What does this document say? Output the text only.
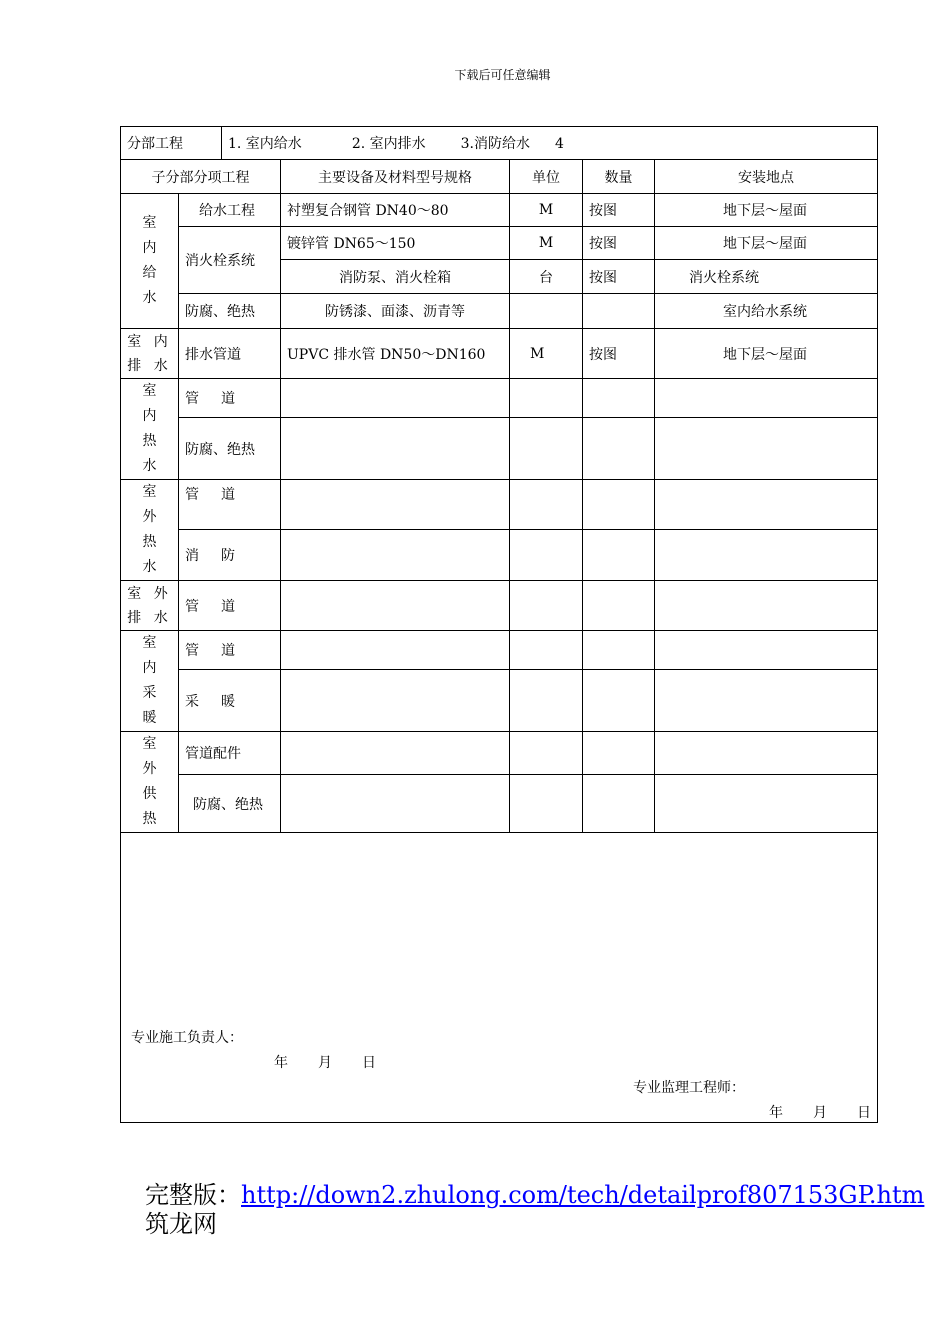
下载后可任意编辑
分部工程		1. 室内给水 2. 室内排水 3.消防给水 4				
子分部分项工程			主要设备及材料型号规格	单位	数量	安装地点

室
内
给
水	给水工程		衬塑复合钢管 DN40～80	M	按图	地下层～屋面
	消火栓系统		镀锌管 DN65～150	M	按图	地下层～屋面
			消防泵、消火栓箱	台	按图	消火栓系统
	防腐、绝热		防锈漆、面漆、沥青等			室内给水系统

室 内
排 水	排水管道		UPVC 排水管 DN50～DN160	M	按图	地下层～屋面

室
内
热
水	管 道					
	防腐、绝热					

室
外
热
水	管 道					
	消 防					

室 外
排 水	管 道					

室
内
采
暖	管 道					
	采 暖					

室
外
供
热	管道配件					
	防腐、绝热					

专业施工负责人：
年 月 日
专业监理工程师：
年 月 日						
完整版：http://down2.zhulong.com/tech/detailprof807153GP.htm
筑龙网
